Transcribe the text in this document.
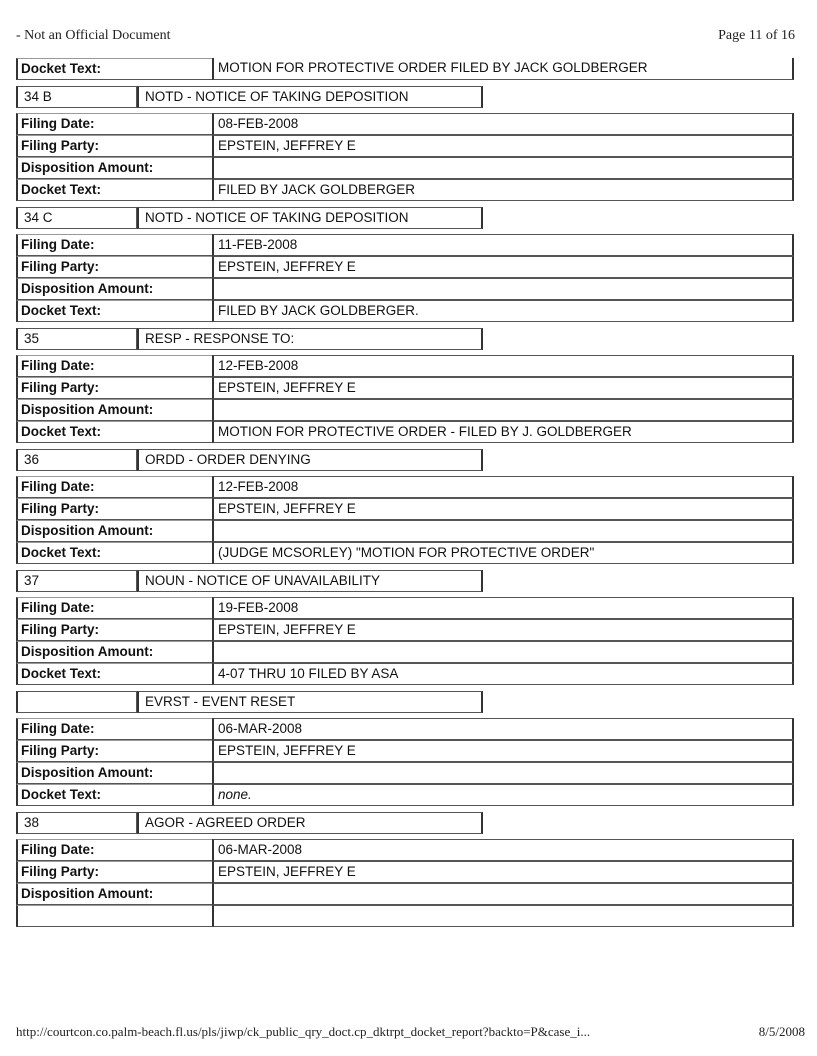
- Not an Official Document	Page 11 of 16
Docket Text:	MOTION FOR PROTECTIVE ORDER FILED BY JACK GOLDBERGER
34 B	NOTD - NOTICE OF TAKING DEPOSITION
Filing Date:	08-FEB-2008
Filing Party:	EPSTEIN, JEFFREY E
Disposition Amount:
Docket Text:	FILED BY JACK GOLDBERGER
34 C	NOTD - NOTICE OF TAKING DEPOSITION
Filing Date:	11-FEB-2008
Filing Party:	EPSTEIN, JEFFREY E
Disposition Amount:
Docket Text:	FILED BY JACK GOLDBERGER.
35	RESP - RESPONSE TO:
Filing Date:	12-FEB-2008
Filing Party:	EPSTEIN, JEFFREY E
Disposition Amount:
Docket Text:	MOTION FOR PROTECTIVE ORDER - FILED BY J. GOLDBERGER
36	ORDD - ORDER DENYING
Filing Date:	12-FEB-2008
Filing Party:	EPSTEIN, JEFFREY E
Disposition Amount:
Docket Text:	(JUDGE MCSORLEY) "MOTION FOR PROTECTIVE ORDER"
37	NOUN - NOTICE OF UNAVAILABILITY
Filing Date:	19-FEB-2008
Filing Party:	EPSTEIN, JEFFREY E
Disposition Amount:
Docket Text:	4-07 THRU 10 FILED BY ASA
EVRST - EVENT RESET
Filing Date:	06-MAR-2008
Filing Party:	EPSTEIN, JEFFREY E
Disposition Amount:
Docket Text:	none.
38	AGOR - AGREED ORDER
Filing Date:	06-MAR-2008
Filing Party:	EPSTEIN, JEFFREY E
Disposition Amount:
http://courtcon.co.palm-beach.fl.us/pls/jiwp/ck_public_qry_doct.cp_dktrpt_docket_report?backto=P&case_i...	8/5/2008
